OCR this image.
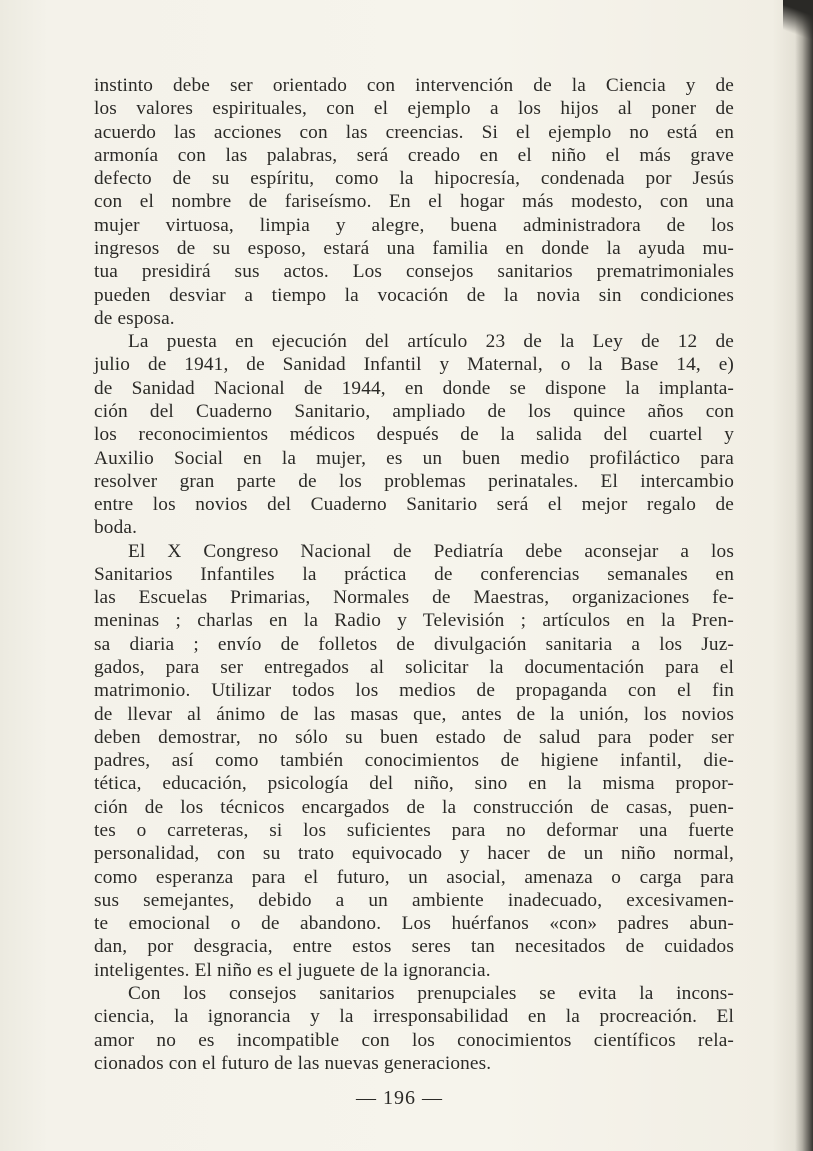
instinto debe ser orientado con intervención de la Ciencia y de
los valores espirituales, con el ejemplo a los hijos al poner de
acuerdo las acciones con las creencias. Si el ejemplo no está en
armonía con las palabras, será creado en el niño el más grave
defecto de su espíritu, como la hipocresía, condenada por Jesús
con el nombre de fariseísmo. En el hogar más modesto, con una
mujer virtuosa, limpia y alegre, buena administradora de los
ingresos de su esposo, estará una familia en donde la ayuda mu-
tua presidirá sus actos. Los consejos sanitarios prematrimoniales
pueden desviar a tiempo la vocación de la novia sin condiciones
de esposa.

La puesta en ejecución del artículo 23 de la Ley de 12 de
julio de 1941, de Sanidad Infantil y Maternal, o la Base 14, e)
de Sanidad Nacional de 1944, en donde se dispone la implanta-
ción del Cuaderno Sanitario, ampliado de los quince años con
los reconocimientos médicos después de la salida del cuartel y
Auxilio Social en la mujer, es un buen medio profiláctico para
resolver gran parte de los problemas perinatales. El intercambio
entre los novios del Cuaderno Sanitario será el mejor regalo de
boda.

El X Congreso Nacional de Pediatría debe aconsejar a los
Sanitarios Infantiles la práctica de conferencias semanales en
las Escuelas Primarias, Normales de Maestras, organizaciones fe-
meninas ; charlas en la Radio y Televisión ; artículos en la Pren-
sa diaria ; envío de folletos de divulgación sanitaria a los Juz-
gados, para ser entregados al solicitar la documentación para el
matrimonio. Utilizar todos los medios de propaganda con el fin
de llevar al ánimo de las masas que, antes de la unión, los novios
deben demostrar, no sólo su buen estado de salud para poder ser
padres, así como también conocimientos de higiene infantil, die-
tética, educación, psicología del niño, sino en la misma propor-
ción de los técnicos encargados de la construcción de casas, puen-
tes o carreteras, si los suficientes para no deformar una fuerte
personalidad, con su trato equivocado y hacer de un niño normal,
como esperanza para el futuro, un asocial, amenaza o carga para
sus semejantes, debido a un ambiente inadecuado, excesivamen-
te emocional o de abandono. Los huérfanos «con» padres abun-
dan, por desgracia, entre estos seres tan necesitados de cuidados
inteligentes. El niño es el juguete de la ignorancia.

Con los consejos sanitarios prenupciales se evita la incons-
ciencia, la ignorancia y la irresponsabilidad en la procreación. El
amor no es incompatible con los conocimientos científicos rela-
cionados con el futuro de las nuevas generaciones.

— 196 —
